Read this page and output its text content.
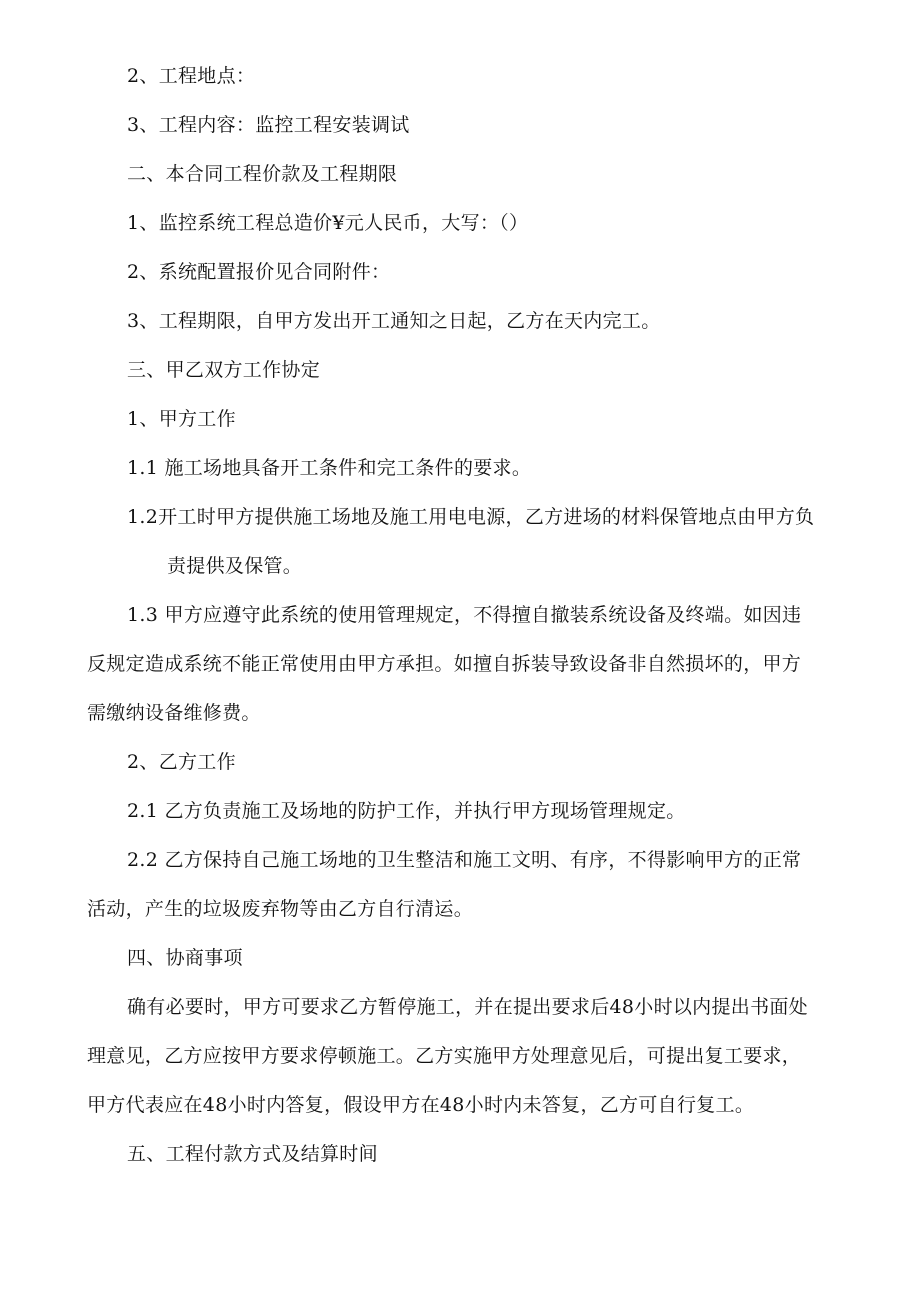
2、工程地点：
3、工程内容：监控工程安装调试
二、本合同工程价款及工程期限
1、监控系统工程总造价¥元人民币，大写：（）
2、系统配置报价见合同附件：
3、工程期限，自甲方发出开工通知之日起，乙方在天内完工。
三、甲乙双方工作协定
1、甲方工作
1.1 施工场地具备开工条件和完工条件的要求。
1.2开工时甲方提供施工场地及施工用电电源，乙方进场的材料保管地点由甲方负
责提供及保管。
1.3 甲方应遵守此系统的使用管理规定，不得擅自撤装系统设备及终端。如因违
反规定造成系统不能正常使用由甲方承担。如擅自拆装导致设备非自然损坏的，甲方
需缴纳设备维修费。
2、乙方工作
2.1 乙方负责施工及场地的防护工作，并执行甲方现场管理规定。
2.2 乙方保持自己施工场地的卫生整洁和施工文明、有序，不得影响甲方的正常
活动，产生的垃圾废弃物等由乙方自行清运。
四、协商事项
确有必要时，甲方可要求乙方暂停施工，并在提出要求后48小时以内提出书面处
理意见，乙方应按甲方要求停顿施工。乙方实施甲方处理意见后，可提出复工要求，
甲方代表应在48小时内答复，假设甲方在48小时内未答复，乙方可自行复工。
五、工程付款方式及结算时间
